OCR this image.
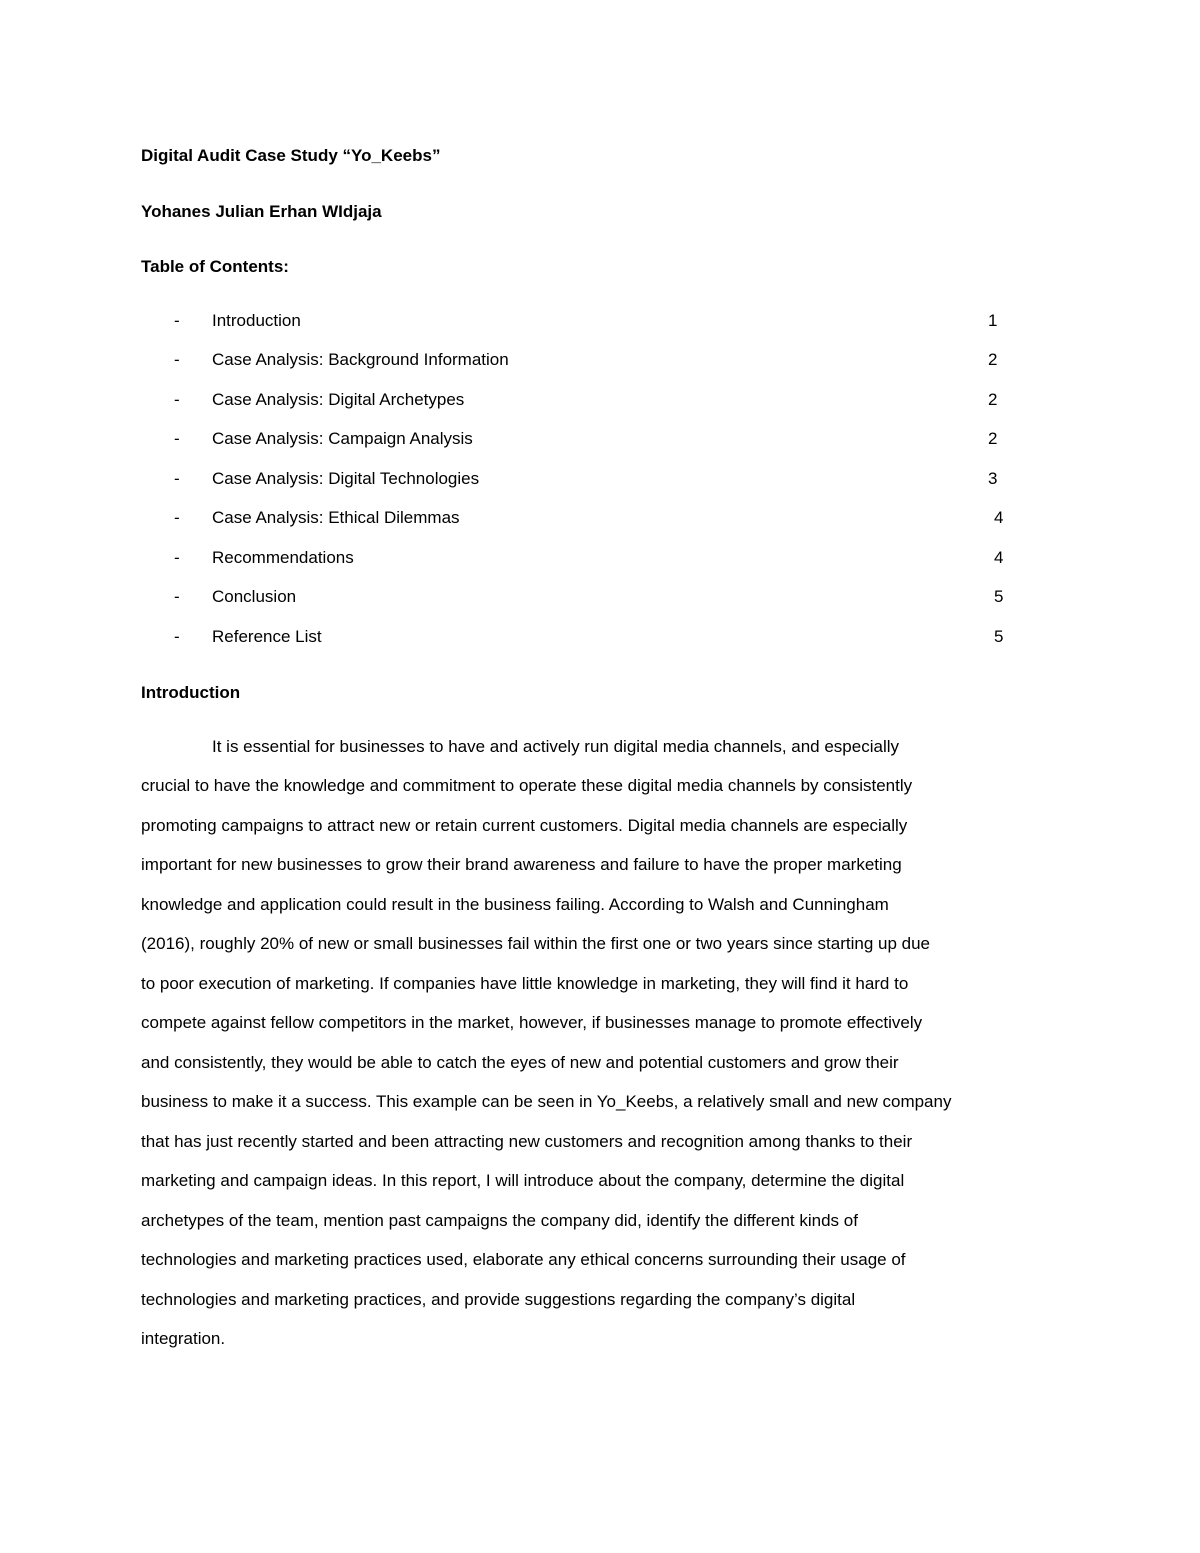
Digital Audit Case Study “Yo_Keebs”
Yohanes Julian Erhan WIdjaja
Table of Contents:
- Introduction	1
- Case Analysis: Background Information	2
- Case Analysis: Digital Archetypes	2
- Case Analysis: Campaign Analysis	2
- Case Analysis: Digital Technologies	3
- Case Analysis: Ethical Dilemmas	4
- Recommendations	4
- Conclusion	5
- Reference List	5
Introduction
It is essential for businesses to have and actively run digital media channels, and especially
crucial to have the knowledge and commitment to operate these digital media channels by consistently
promoting campaigns to attract new or retain current customers. Digital media channels are especially
important for new businesses to grow their brand awareness and failure to have the proper marketing
knowledge and application could result in the business failing. According to Walsh and Cunningham
(2016), roughly 20% of new or small businesses fail within the first one or two years since starting up due
to poor execution of marketing. If companies have little knowledge in marketing, they will find it hard to
compete against fellow competitors in the market, however, if businesses manage to promote effectively
and consistently, they would be able to catch the eyes of new and potential customers and grow their
business to make it a success. This example can be seen in Yo_Keebs, a relatively small and new company
that has just recently started and been attracting new customers and recognition among thanks to their
marketing and campaign ideas. In this report, I will introduce about the company, determine the digital
archetypes of the team, mention past campaigns the company did, identify the different kinds of
technologies and marketing practices used, elaborate any ethical concerns surrounding their usage of
technologies and marketing practices, and provide suggestions regarding the company’s digital
integration.
